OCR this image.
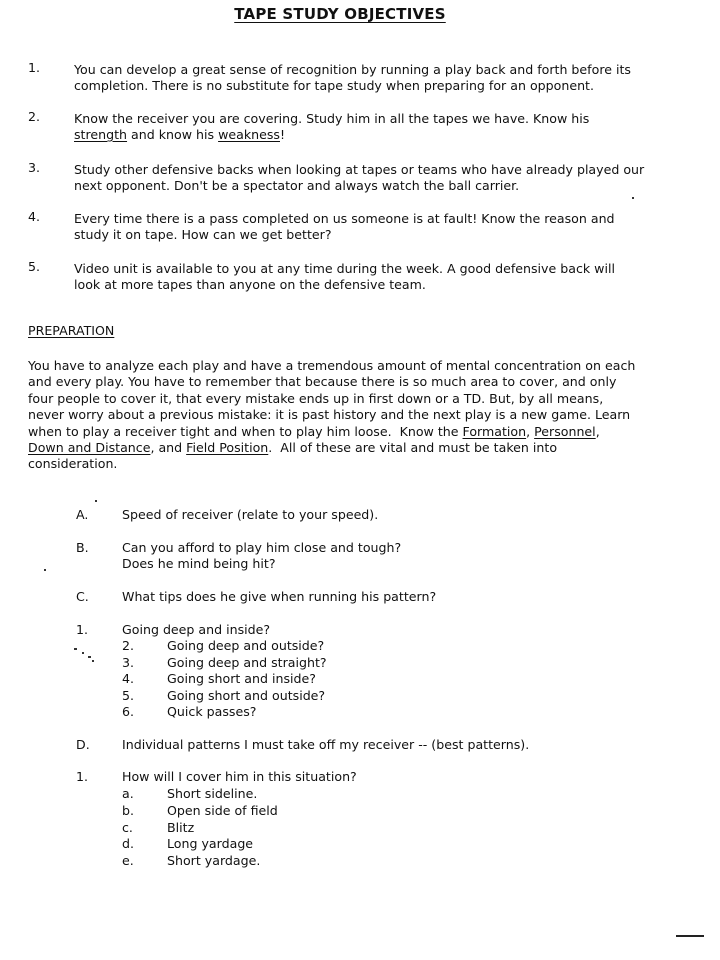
TAPE STUDY OBJECTIVES
1.	You can develop a great sense of recognition by running a play back and forth before its
completion. There is no substitute for tape study when preparing for an opponent.
2.	Know the receiver you are covering. Study him in all the tapes we have. Know his
strength and know his weakness!
3.	Study other defensive backs when looking at tapes or teams who have already played our
next opponent. Don't be a spectator and always watch the ball carrier.
4.	Every time there is a pass completed on us someone is at fault! Know the reason and
study it on tape. How can we get better?
5.	Video unit is available to you at any time during the week. A good defensive back will
look at more tapes than anyone on the defensive team.
PREPARATION

You have to analyze each play and have a tremendous amount of mental concentration on each

and every play. You have to remember that because there is so much area to cover, and only

four people to cover it, that every mistake ends up in first down or a TD. But, by all means,

never worry about a previous mistake: it is past history and the next play is a new game. Learn

when to play a receiver tight and when to play him loose.  Know the Formation, Personnel,

Down and Distance, and Field Position.  All of these are vital and must be taken into

consideration.

A.	Speed of receiver (relate to your speed).
B.	Can you afford to play him close and tough?
Does he mind being hit?
C.	What tips does he give when running his pattern?
1.	Going deep and inside?
2.	Going deep and outside?
3.	Going deep and straight?
4.	Going short and inside?
5.	Going short and outside?
6.	Quick passes?
D.	Individual patterns I must take off my receiver -- (best patterns).
1.	How will I cover him in this situation?
a.	Short sideline.
b.	Open side of field
c.	Blitz
d.	Long yardage
e.	Short yardage.
